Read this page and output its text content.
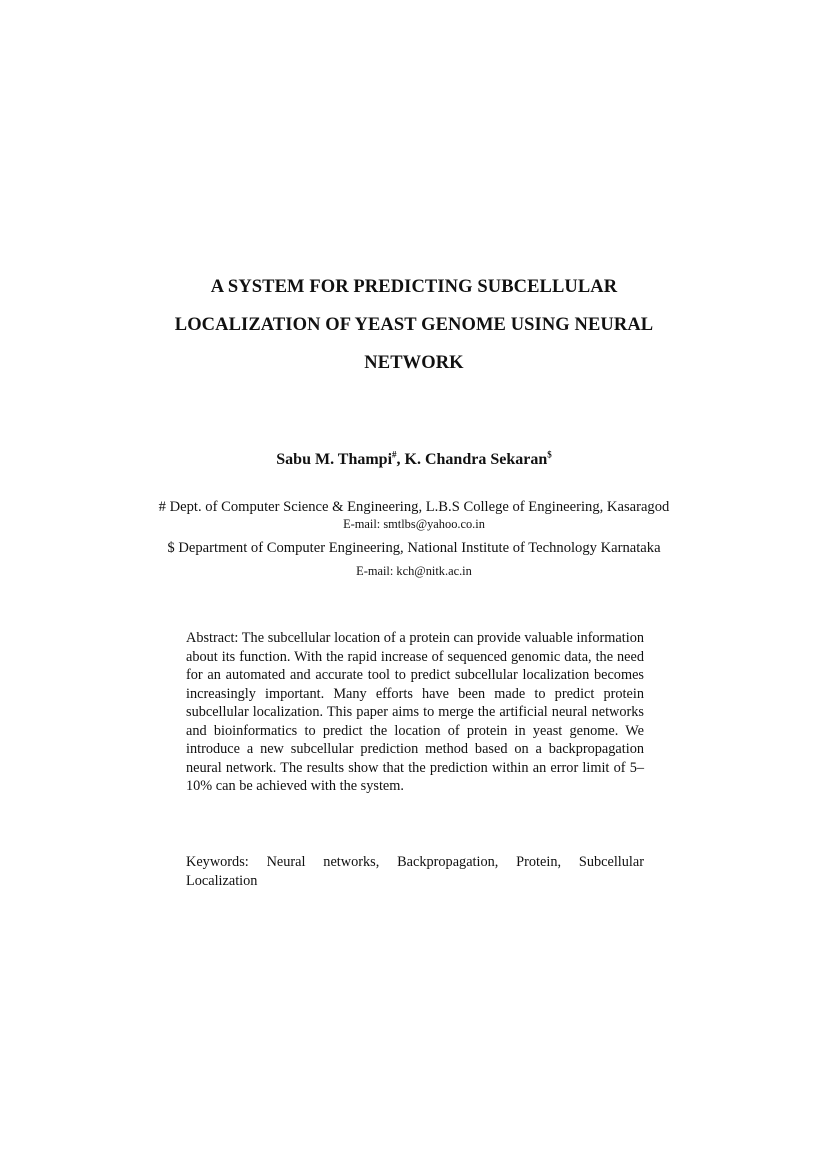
A SYSTEM FOR PREDICTING SUBCELLULAR
LOCALIZATION OF YEAST GENOME USING NEURAL
NETWORK
Sabu M. Thampi#, K. Chandra Sekaran$
# Dept. of Computer Science & Engineering, L.B.S College of Engineering, Kasaragod
E-mail: smtlbs@yahoo.co.in
$ Department of Computer Engineering, National Institute of Technology Karnataka
E-mail: kch@nitk.ac.in
Abstract: The subcellular location of a protein can provide valuable information about its function. With the rapid increase of sequenced genomic data, the need for an automated and accurate tool to predict subcellular localization becomes increasingly important. Many efforts have been made to predict protein subcellular localization. This paper aims to merge the artificial neural networks and bioinformatics to predict the location of protein in yeast genome. We introduce a new subcellular prediction method based on a backpropagation neural network. The results show that the prediction within an error limit of 5– 10% can be achieved with the system.
Keywords: Neural networks, Backpropagation, Protein, Subcellular
Localization
